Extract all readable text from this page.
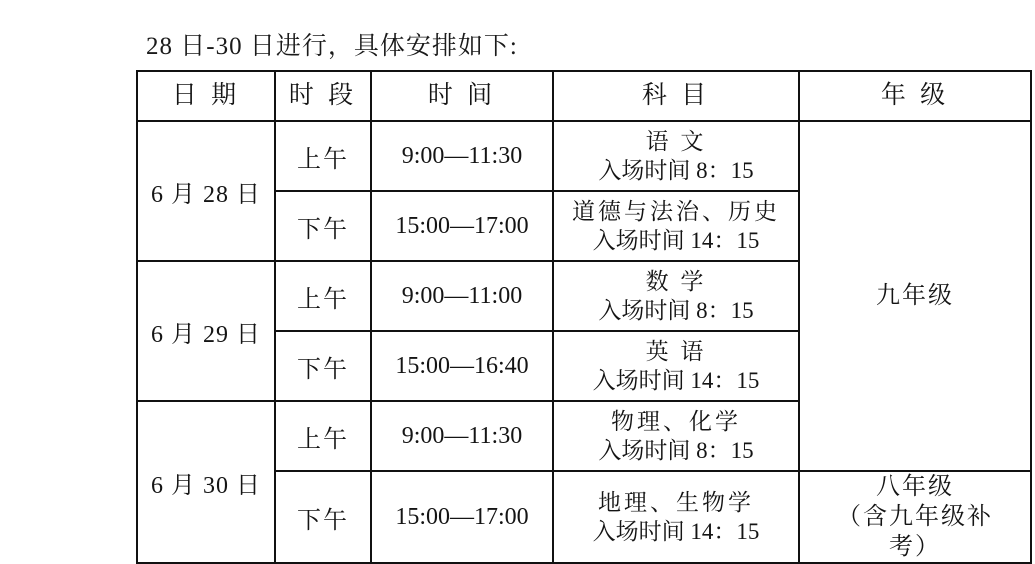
28 日-30 日进行，具体安排如下:
日 期	时 段	时 间	科 目	年 级

6 月 28 日	上午	9:00—11:30	语 文
入场时间 8：15	九年级

	下午	15:00—17:00	道德与法治、历史
入场时间 14：15	

6 月 29 日	上午	9:00—11:00	数 学
入场时间 8：15	

	下午	15:00—16:40	英 语
入场时间 14：15	

6 月 30 日	上午	9:00—11:30	物理、化学
入场时间 8：15	

	下午	15:00—17:00	地理、生物学
入场时间 14：15	八年级
（含九年级补
考）
